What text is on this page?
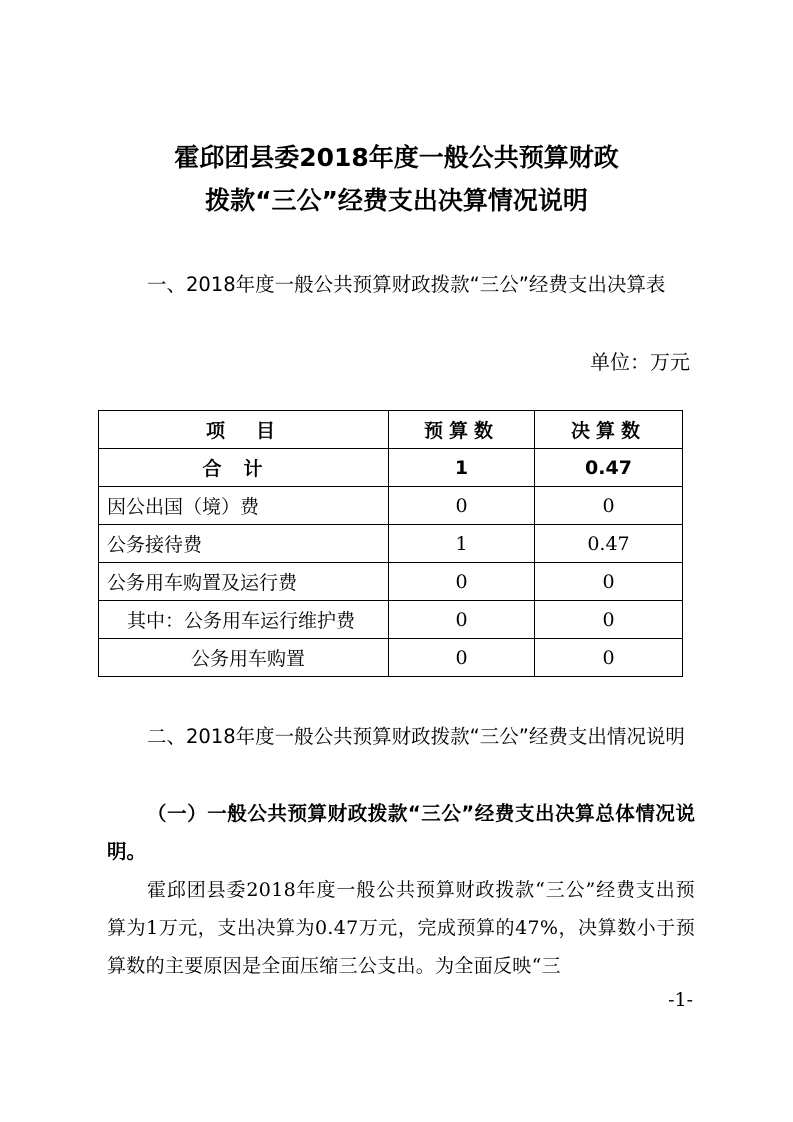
霍邱团县委2018年度一般公共预算财政
拨款“三公”经费支出决算情况说明

一、2018年度一般公共预算财政拨款“三公”经费支出决算表

单位：万元
项　目	预算数	决算数
合计	1	0.47
因公出国（境）费	0	0
公务接待费	1	0.47
公务用车购置及运行费	0	0
其中：公务用车运行维护费	0	0
公务用车购置	0	0

二、2018年度一般公共预算财政拨款“三公”经费支出情况说明

（一）一般公共预算财政拨款“三公”经费支出决算总体情况说明。

霍邱团县委2018年度一般公共预算财政拨款“三公”经费支出预算为1万元，支出决算为0.47万元，完成预算的47%，决算数小于预算数的主要原因是全面压缩三公支出。为全面反映“三

-1-
